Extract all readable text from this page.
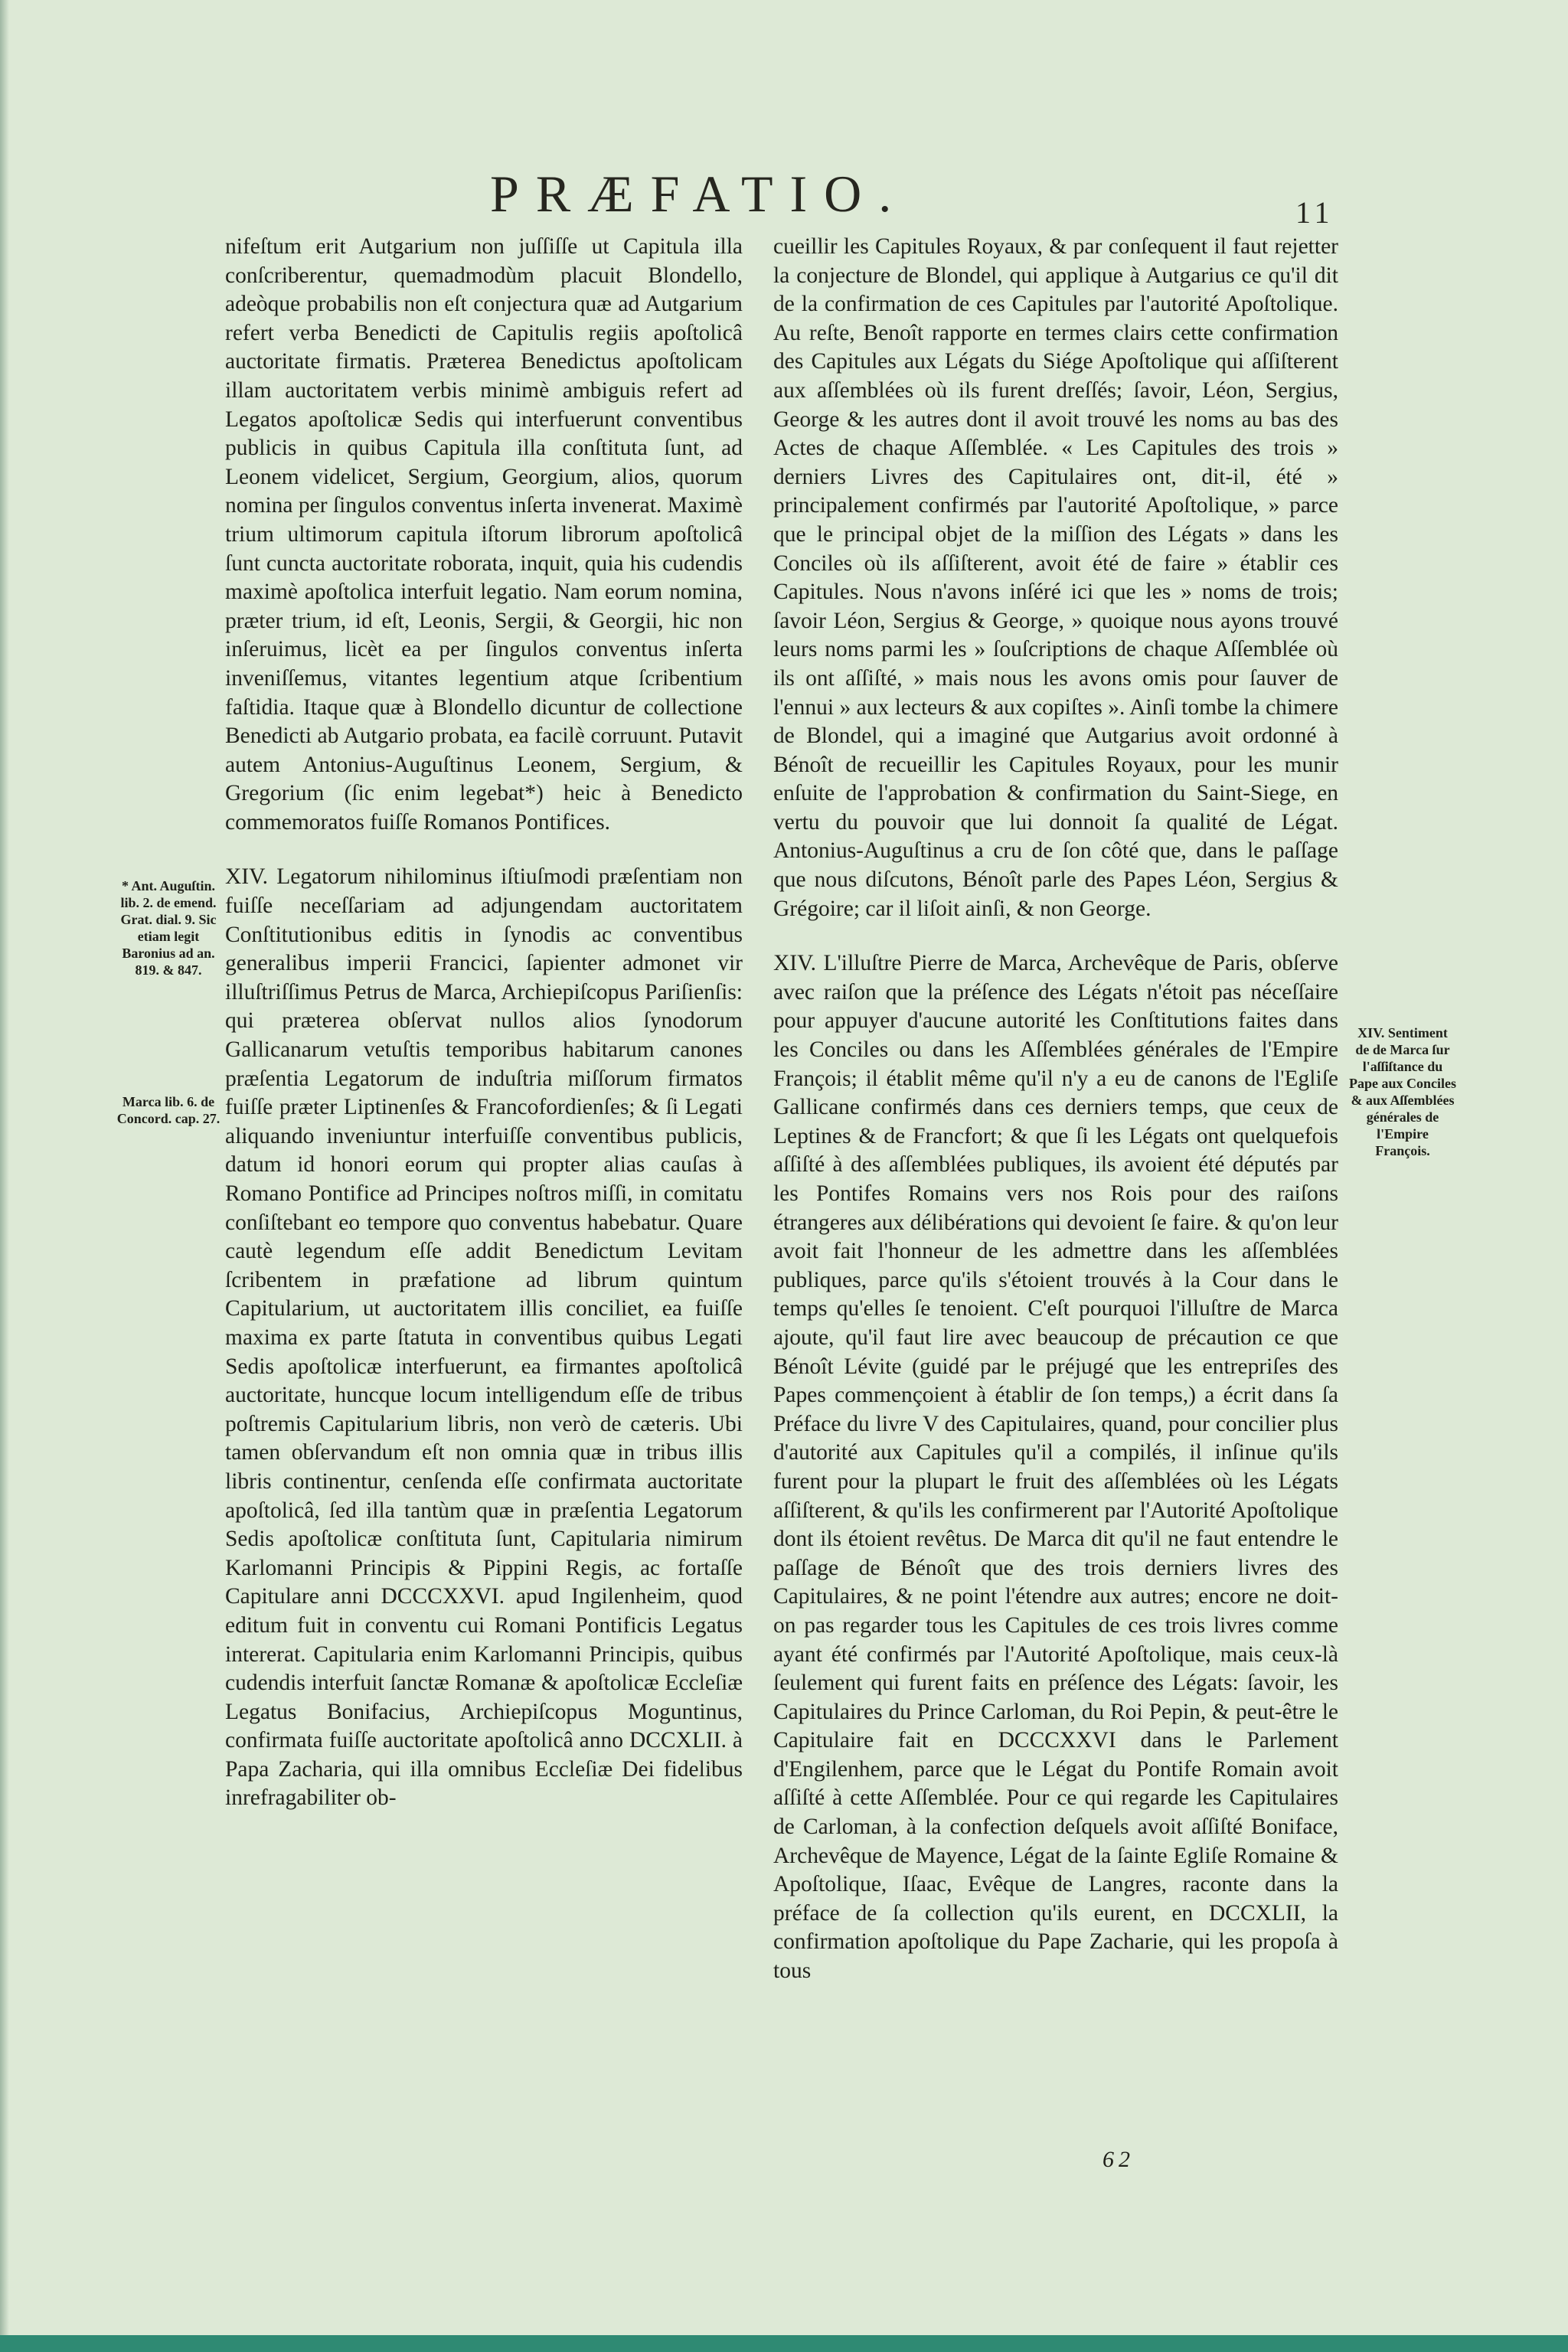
PRÆFATIO.	11
* Ant. Auguſtin. lib. 2. de emend. Grat. dial. 9. Sic etiam legit Baronius ad an. 819. & 847.
Marca lib. 6. de Concord. cap. 27.
XIV. Sentiment de de Marca ſur l'aſſiſtance du Pape aux Conciles & aux Aſſemblées générales de l'Empire François.

nifeſtum erit Autgarium non juſſiſſe ut Capitula illa conſcriberentur, quemadmodùm placuit Blondello, adeòque probabilis non eſt conjectura quæ ad Autgarium refert verba Benedicti de Capitulis regiis apoſtolicâ auctoritate firmatis. Præterea Benedictus apoſtolicam illam auctoritatem verbis minimè ambiguis refert ad Legatos apoſtolicæ Sedis qui interfuerunt conventibus publicis in quibus Capitula illa conſtituta ſunt, ad Leonem videlicet, Sergium, Georgium, alios, quorum nomina per ſingulos conventus inſerta invenerat. Maximè trium ultimorum capitula iſtorum librorum apoſtolicâ ſunt cuncta auctoritate roborata, inquit, quia his cudendis maximè apoſtolica interfuit legatio. Nam eorum nomina, præter trium, id eſt, Leonis, Sergii, & Georgii, hic non inſeruimus, licèt ea per ſingulos conventus inſerta inveniſſemus, vitantes legentium atque ſcribentium faſtidia. Itaque quæ à Blondello dicuntur de collectione Benedicti ab Autgario probata, ea facilè corruunt. Putavit autem Antonius-Auguſtinus Leonem, Sergium, & Gregorium (ſic enim legebat*) heic à Benedicto commemoratos fuiſſe Romanos Pontifices.

XIV. Legatorum nihilominus iſtiuſmodi præſentiam non fuiſſe neceſſariam ad adjungendam auctoritatem Conſtitutionibus editis in ſynodis ac conventibus generalibus imperii Francici, ſapienter admonet vir illuſtriſſimus Petrus de Marca, Archiepiſcopus Pariſienſis: qui præterea obſervat nullos alios ſynodorum Gallicanarum vetuſtis temporibus habitarum canones præſentia Legatorum de induſtria miſſorum firmatos fuiſſe præter Liptinenſes & Francofordienſes; & ſi Legati aliquando inveniuntur interfuiſſe conventibus publicis, datum id honori eorum qui propter alias cauſas à Romano Pontifice ad Principes noſtros miſſi, in comitatu conſiſtebant eo tempore quo conventus habebatur. Quare cautè legendum eſſe addit Benedictum Levitam ſcribentem in præfatione ad librum quintum Capitularium, ut auctoritatem illis conciliet, ea fuiſſe maxima ex parte ſtatuta in conventibus quibus Legati Sedis apoſtolicæ interfuerunt, ea firmantes apoſtolicâ auctoritate, huncque locum intelligendum eſſe de tribus poſtremis Capitularium libris, non verò de cæteris. Ubi tamen obſervandum eſt non omnia quæ in tribus illis libris continentur, cenſenda eſſe confirmata auctoritate apoſtolicâ, ſed illa tantùm quæ in præſentia Legatorum Sedis apoſtolicæ conſtituta ſunt, Capitularia nimirum Karlomanni Principis & Pippini Regis, ac fortaſſe Capitulare anni DCCCXXVI. apud Ingilenheim, quod editum fuit in conventu cui Romani Pontificis Legatus intererat. Capitularia enim Karlomanni Principis, quibus cudendis interfuit ſanctæ Romanæ & apoſtolicæ Eccleſiæ Legatus Bonifacius, Archiepiſcopus Moguntinus, confirmata fuiſſe auctoritate apoſtolicâ anno DCCXLII. à Papa Zacharia, qui illa omnibus Eccleſiæ Dei fidelibus inrefragabiliter ob-

cueillir les Capitules Royaux, & par conſequent il faut rejetter la conjecture de Blondel, qui applique à Autgarius ce qu'il dit de la confirmation de ces Capitules par l'autorité Apoſtolique. Au reſte, Benoît rapporte en termes clairs cette confirmation des Capitules aux Légats du Siége Apoſtolique qui aſſiſterent aux aſſemblées où ils furent dreſſés; ſavoir, Léon, Sergius, George & les autres dont il avoit trouvé les noms au bas des Actes de chaque Aſſemblée. « Les Capitules des trois » derniers Livres des Capitulaires ont, dit-il, été » principalement confirmés par l'autorité Apoſtolique, » parce que le principal objet de la miſſion des Légats » dans les Conciles où ils aſſiſterent, avoit été de faire » établir ces Capitules. Nous n'avons inſéré ici que les » noms de trois; ſavoir Léon, Sergius & George, » quoique nous ayons trouvé leurs noms parmi les » ſouſcriptions de chaque Aſſemblée où ils ont aſſiſté, » mais nous les avons omis pour ſauver de l'ennui » aux lecteurs & aux copiſtes ». Ainſi tombe la chimere de Blondel, qui a imaginé que Autgarius avoit ordonné à Bénoît de recueillir les Capitules Royaux, pour les munir enſuite de l'approbation & confirmation du Saint-Siege, en vertu du pouvoir que lui donnoit ſa qualité de Légat. Antonius-Auguſtinus a cru de ſon côté que, dans le paſſage que nous diſcutons, Bénoît parle des Papes Léon, Sergius & Grégoire; car il liſoit ainſi, & non George.

XIV. L'illuſtre Pierre de Marca, Archevêque de Paris, obſerve avec raiſon que la préſence des Légats n'étoit pas néceſſaire pour appuyer d'aucune autorité les Conſtitutions faites dans les Conciles ou dans les Aſſemblées générales de l'Empire François; il établit même qu'il n'y a eu de canons de l'Egliſe Gallicane confirmés dans ces derniers temps, que ceux de Leptines & de Francfort; & que ſi les Légats ont quelquefois aſſiſté à des aſſemblées publiques, ils avoient été députés par les Pontifes Romains vers nos Rois pour des raiſons étrangeres aux délibérations qui devoient ſe faire. & qu'on leur avoit fait l'honneur de les admettre dans les aſſemblées publiques, parce qu'ils s'étoient trouvés à la Cour dans le temps qu'elles ſe tenoient. C'eſt pourquoi l'illuſtre de Marca ajoute, qu'il faut lire avec beaucoup de précaution ce que Bénoît Lévite (guidé par le préjugé que les entrepriſes des Papes commençoient à établir de ſon temps,) a écrit dans ſa Préface du livre V des Capitulaires, quand, pour concilier plus d'autorité aux Capitules qu'il a compilés, il inſinue qu'ils furent pour la plupart le fruit des aſſemblées où les Légats aſſiſterent, & qu'ils les confirmerent par l'Autorité Apoſtolique dont ils étoient revêtus. De Marca dit qu'il ne faut entendre le paſſage de Bénoît que des trois derniers livres des Capitulaires, & ne point l'étendre aux autres; encore ne doit-on pas regarder tous les Capitules de ces trois livres comme ayant été confirmés par l'Autorité Apoſtolique, mais ceux-là ſeulement qui furent faits en préſence des Légats: ſavoir, les Capitulaires du Prince Carloman, du Roi Pepin, & peut-être le Capitulaire fait en DCCCXXVI dans le Parlement d'Engilenhem, parce que le Légat du Pontife Romain avoit aſſiſté à cette Aſſemblée. Pour ce qui regarde les Capitulaires de Carloman, à la confection deſquels avoit aſſiſté Boniface, Archevêque de Mayence, Légat de la ſainte Egliſe Romaine & Apoſtolique, Iſaac, Evêque de Langres, raconte dans la préface de ſa collection qu'ils eurent, en DCCXLII, la confirmation apoſtolique du Pape Zacharie, qui les propoſa à tous

62
